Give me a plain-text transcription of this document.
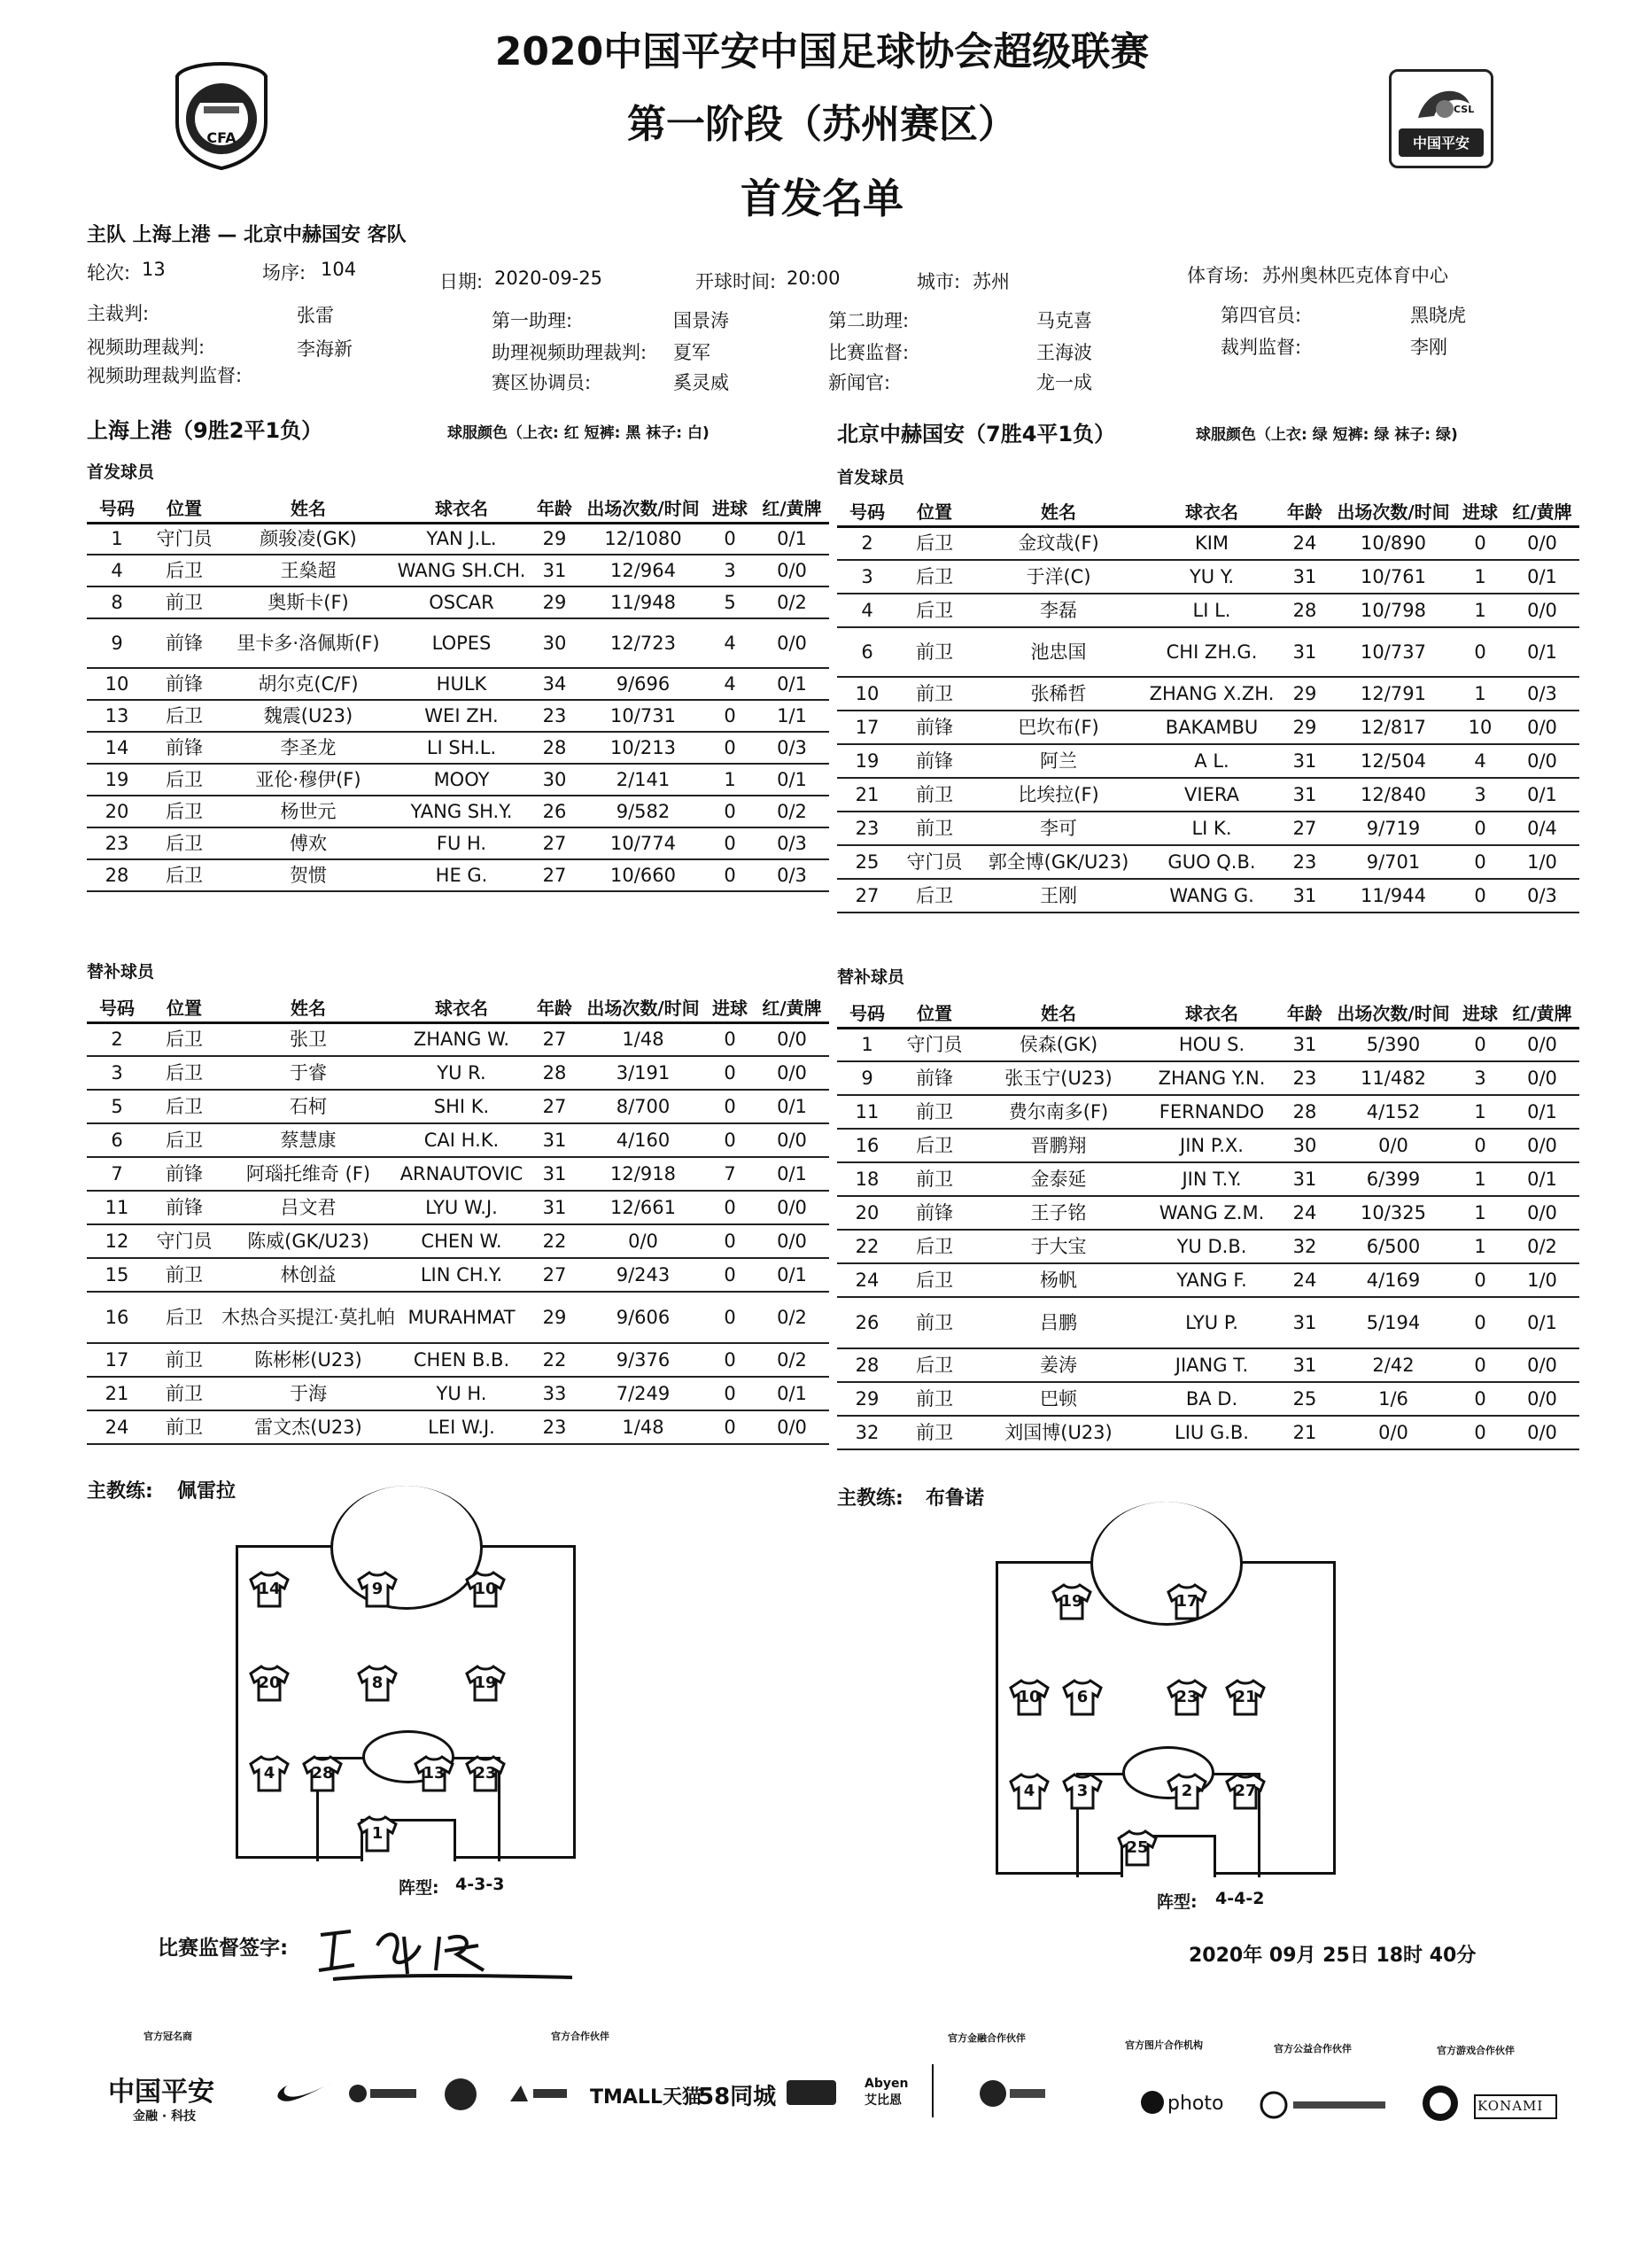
2020中国平安中国足球协会超级联赛
第一阶段（苏州赛区）
首发名单
CFA
CSL
中国平安
主队 上海上港 — 北京中赫国安 客队
轮次: 13	场序: 104
日期: 2020-09-25	开球时间: 20:00	城市: 苏州	体育场: 苏州奥林匹克体育中心
主裁判:	张雷	第一助理:	国景涛	第二助理:	马克喜	第四官员:	黑晓虎
视频助理裁判:	李海新	助理视频助理裁判: 夏军	比赛监督:	王海波	裁判监督:	李刚
视频助理裁判监督:	赛区协调员:	奚灵威	新闻官:	龙一成
上海上港（9胜2平1负）	球服颜色（上衣: 红 短裤: 黑 袜子: 白)	北京中赫国安（7胜4平1负）	球服颜色（上衣: 绿 短裤: 绿 袜子: 绿)
首发球员	首发球员
号码	位置	姓名	球衣名	年龄	出场次数/时间	进球	红/黄牌
1	守门员	颜骏凌(GK)	YAN J.L.	29	12/1080	0	0/1
4	后卫	王燊超	WANG SH.CH.	31	12/964	3	0/0
8	前卫	奥斯卡(F)	OSCAR	29	11/948	5	0/2
9	前锋	里卡多·洛佩斯(F)	LOPES	30	12/723	4	0/0
10	前锋	胡尔克(C/F)	HULK	34	9/696	4	0/1
13	后卫	魏震(U23)	WEI ZH.	23	10/731	0	1/1
14	前锋	李圣龙	LI SH.L.	28	10/213	0	0/3
19	后卫	亚伦·穆伊(F)	MOOY	30	2/141	1	0/1
20	后卫	杨世元	YANG SH.Y.	26	9/582	0	0/2
23	后卫	傅欢	FU H.	27	10/774	0	0/3
28	后卫	贺惯	HE G.	27	10/660	0	0/3
号码	位置	姓名	球衣名	年龄	出场次数/时间	进球	红/黄牌
2	后卫	金玟哉(F)	KIM	24	10/890	0	0/0
3	后卫	于洋(C)	YU Y.	31	10/761	1	0/1
4	后卫	李磊	LI L.	28	10/798	1	0/0
6	前卫	池忠国	CHI ZH.G.	31	10/737	0	0/1
10	前卫	张稀哲	ZHANG X.ZH.	29	12/791	1	0/3
17	前锋	巴坎布(F)	BAKAMBU	29	12/817	10	0/0
19	前锋	阿兰	A L.	31	12/504	4	0/0
21	前卫	比埃拉(F)	VIERA	31	12/840	3	0/1
23	前卫	李可	LI K.	27	9/719	0	0/4
25	守门员	郭全博(GK/U23)	GUO Q.B.	23	9/701	0	1/0
27	后卫	王刚	WANG G.	31	11/944	0	0/3
替补球员	替补球员
号码	位置	姓名	球衣名	年龄	出场次数/时间	进球	红/黄牌
2	后卫	张卫	ZHANG W.	27	1/48	0	0/0
3	后卫	于睿	YU R.	28	3/191	0	0/0
5	后卫	石柯	SHI K.	27	8/700	0	0/1
6	后卫	蔡慧康	CAI H.K.	31	4/160	0	0/0
7	前锋	阿瑙托维奇 (F)	ARNAUTOVIC	31	12/918	7	0/1
11	前锋	吕文君	LYU W.J.	31	12/661	0	0/0
12	守门员	陈威(GK/U23)	CHEN W.	22	0/0	0	0/0
15	前卫	林创益	LIN CH.Y.	27	9/243	0	0/1
16	后卫	木热合买提江·莫扎帕	MURAHMAT	29	9/606	0	0/2
17	前卫	陈彬彬(U23)	CHEN B.B.	22	9/376	0	0/2
21	前卫	于海	YU H.	33	7/249	0	0/1
24	前卫	雷文杰(U23)	LEI W.J.	23	1/48	0	0/0
号码	位置	姓名	球衣名	年龄	出场次数/时间	进球	红/黄牌
1	守门员	侯森(GK)	HOU S.	31	5/390	0	0/0
9	前锋	张玉宁(U23)	ZHANG Y.N.	23	11/482	3	0/0
11	前卫	费尔南多(F)	FERNANDO	28	4/152	1	0/1
16	后卫	晋鹏翔	JIN P.X.	30	0/0	0	0/0
18	前卫	金泰延	JIN T.Y.	31	6/399	1	0/1
20	前锋	王子铭	WANG Z.M.	24	10/325	1	0/0
22	后卫	于大宝	YU D.B.	32	6/500	1	0/2
24	后卫	杨帆	YANG F.	24	4/169	0	1/0
26	前卫	吕鹏	LYU P.	31	5/194	0	0/1
28	后卫	姜涛	JIANG T.	31	2/42	0	0/0
29	前卫	巴顿	BA D.	25	1/6	0	0/0
32	前卫	刘国博(U23)	LIU G.B.	21	0/0	0	0/0
主教练: 佩雷拉	主教练: 布鲁诺
14	9	10
20	8	19
4	28	13	23
1
阵型: 4-3-3
19	17
10	6	23	21
4	3	2	27
25
阵型: 4-4-2
比赛监督签字:	2020年 09月 25日 18时 40分
官方冠名商	官方合作伙伴	官方金融合作伙伴
官方图片合作机构	官方公益合作伙伴	官方游戏合作伙伴
中国平安
金融 · 科技
TMALL天猫
58同城	Abyen 艾比恩	photo	KONAMI
